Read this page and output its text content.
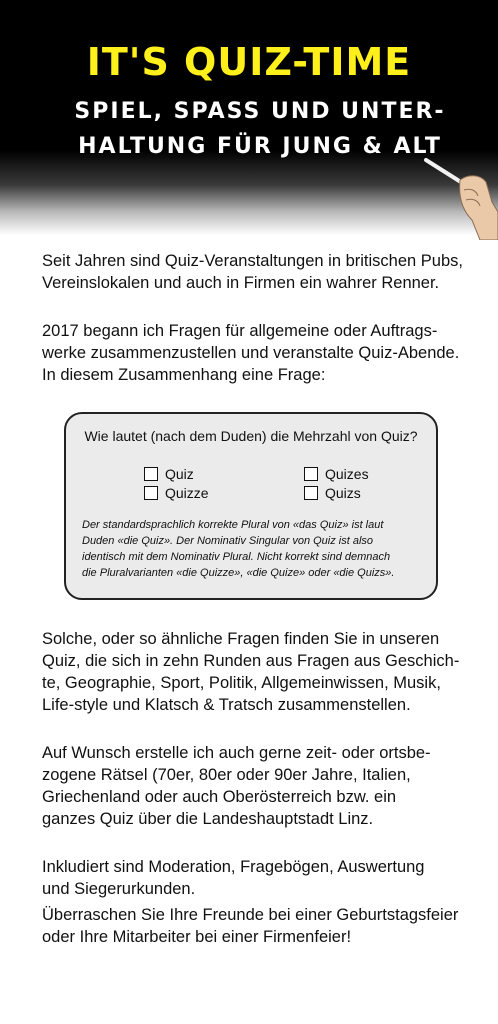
IT'S QUIZ-TIME
SPIEL, SPASS UND UNTER-
HALTUNG FÜR JUNG & ALT

Seit Jahren sind Quiz-Veranstaltungen in britischen Pubs,
Vereinslokalen und auch in Firmen ein wahrer Renner.

2017 begann ich Fragen für allgemeine oder Auftrags-
werke zusammenzustellen und veranstalte Quiz-Abende.
In diesem Zusammenhang eine Frage:

Wie lautet (nach dem Duden) die Mehrzahl von Quiz?
Quiz
Quizze
Quizes
Quizs

Der standardsprachlich korrekte Plural von «das Quiz» ist laut
Duden «die Quiz». Der Nominativ Singular von Quiz ist also
identisch mit dem Nominativ Plural. Nicht korrekt sind demnach
die Pluralvarianten «die Quizze», «die Quize» oder «die Quizs».

Solche, oder so ähnliche Fragen finden Sie in unseren
Quiz, die sich in zehn Runden aus Fragen aus Geschich-
te, Geographie, Sport, Politik, Allgemeinwissen, Musik,
Life-style und Klatsch & Tratsch zusammenstellen.

Auf Wunsch erstelle ich auch gerne zeit- oder ortsbe-
zogene Rätsel (70er, 80er oder 90er Jahre, Italien,
Griechenland oder auch Oberösterreich bzw. ein
ganzes Quiz über die Landeshauptstadt Linz.

Inkludiert sind Moderation, Fragebögen, Auswertung
und Siegerurkunden.

Überraschen Sie Ihre Freunde bei einer Geburtstagsfeier
oder Ihre Mitarbeiter bei einer Firmenfeier!
